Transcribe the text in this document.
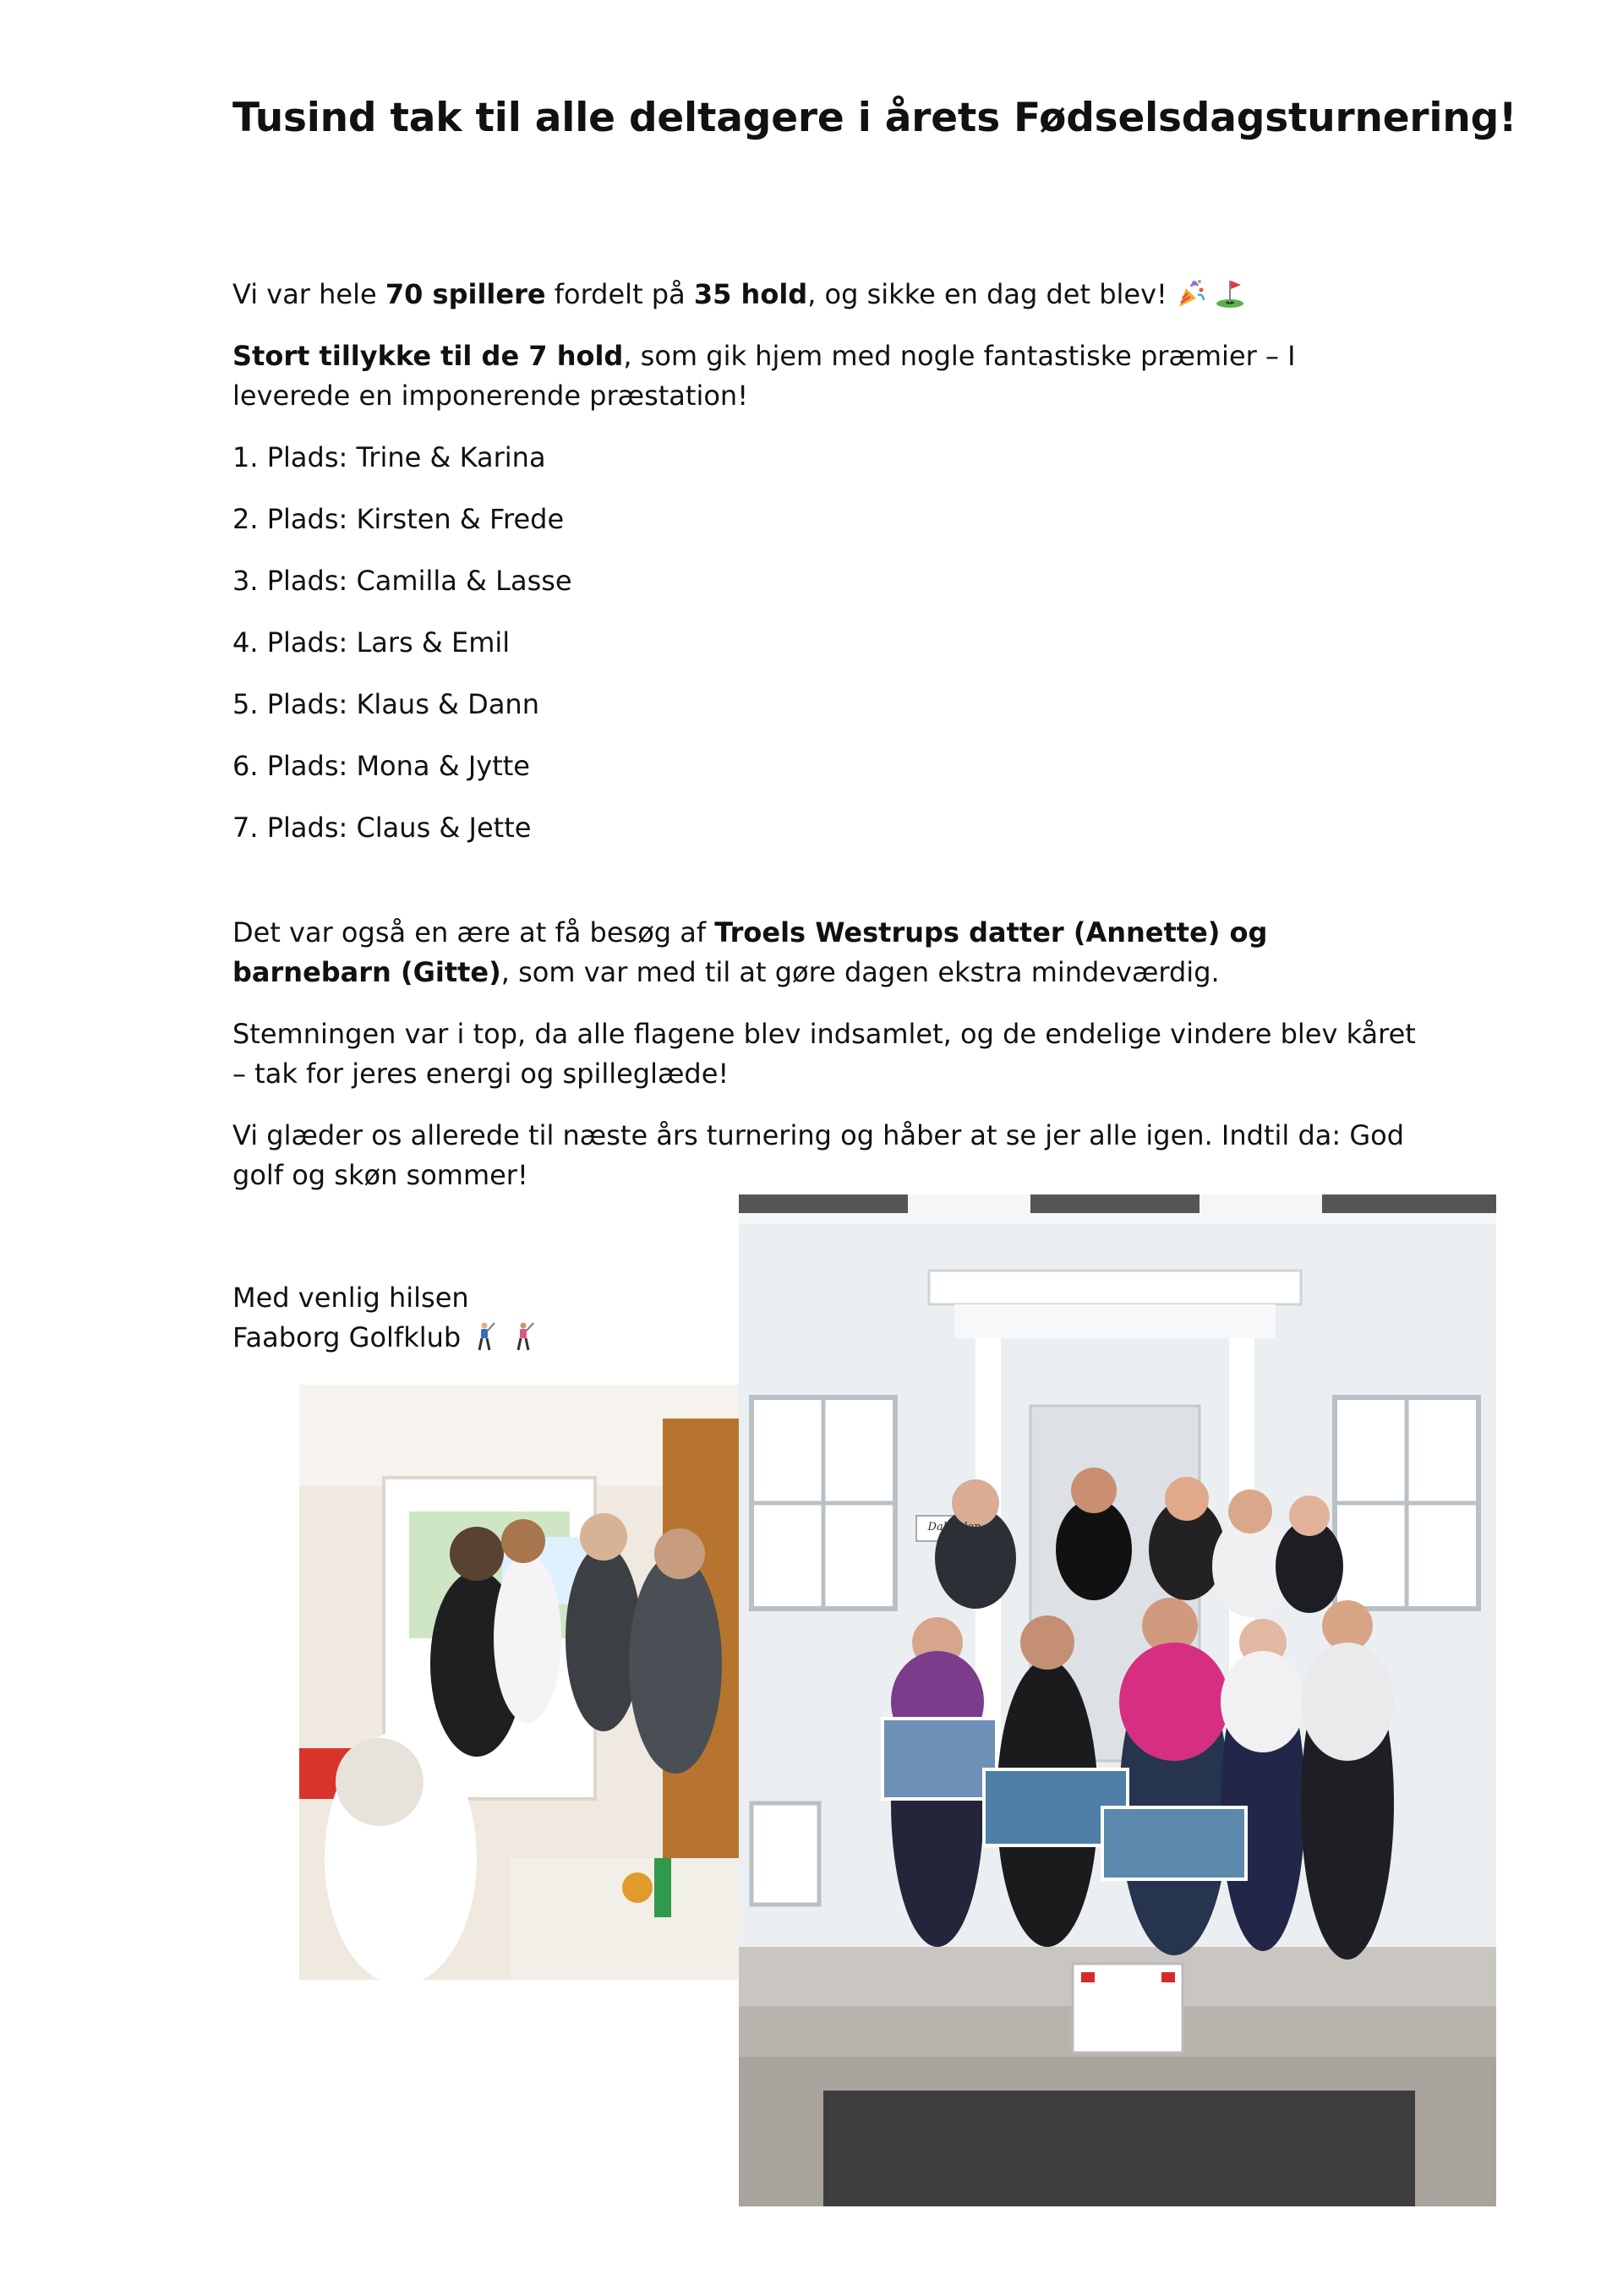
Tusind tak til alle deltagere i årets Fødselsdagsturnering!

Vi var hele 70 spillere fordelt på 35 hold, og sikke en dag det blev!

Stort tillykke til de 7 hold, som gik hjem med nogle fantastiske præmier – I leverede en imponerende præstation!

1. Plads: Trine & Karina

2. Plads: Kirsten & Frede

3. Plads: Camilla & Lasse

4. Plads: Lars & Emil

5. Plads: Klaus & Dann

6. Plads: Mona & Jytte

7. Plads: Claus & Jette

Det var også en ære at få besøg af Troels Westrups datter (Annette) og barnebarn (Gitte), som var med til at gøre dagen ekstra mindeværdig.

Stemningen var i top, da alle flagene blev indsamlet, og de endelige vindere blev kåret – tak for jeres energi og spilleglæde!

Vi glæder os allerede til næste års turnering og håber at se jer alle igen. Indtil da: God golf og skøn sommer!

Med venlig hilsen

Faaborg Golfklub

Dalkilden
